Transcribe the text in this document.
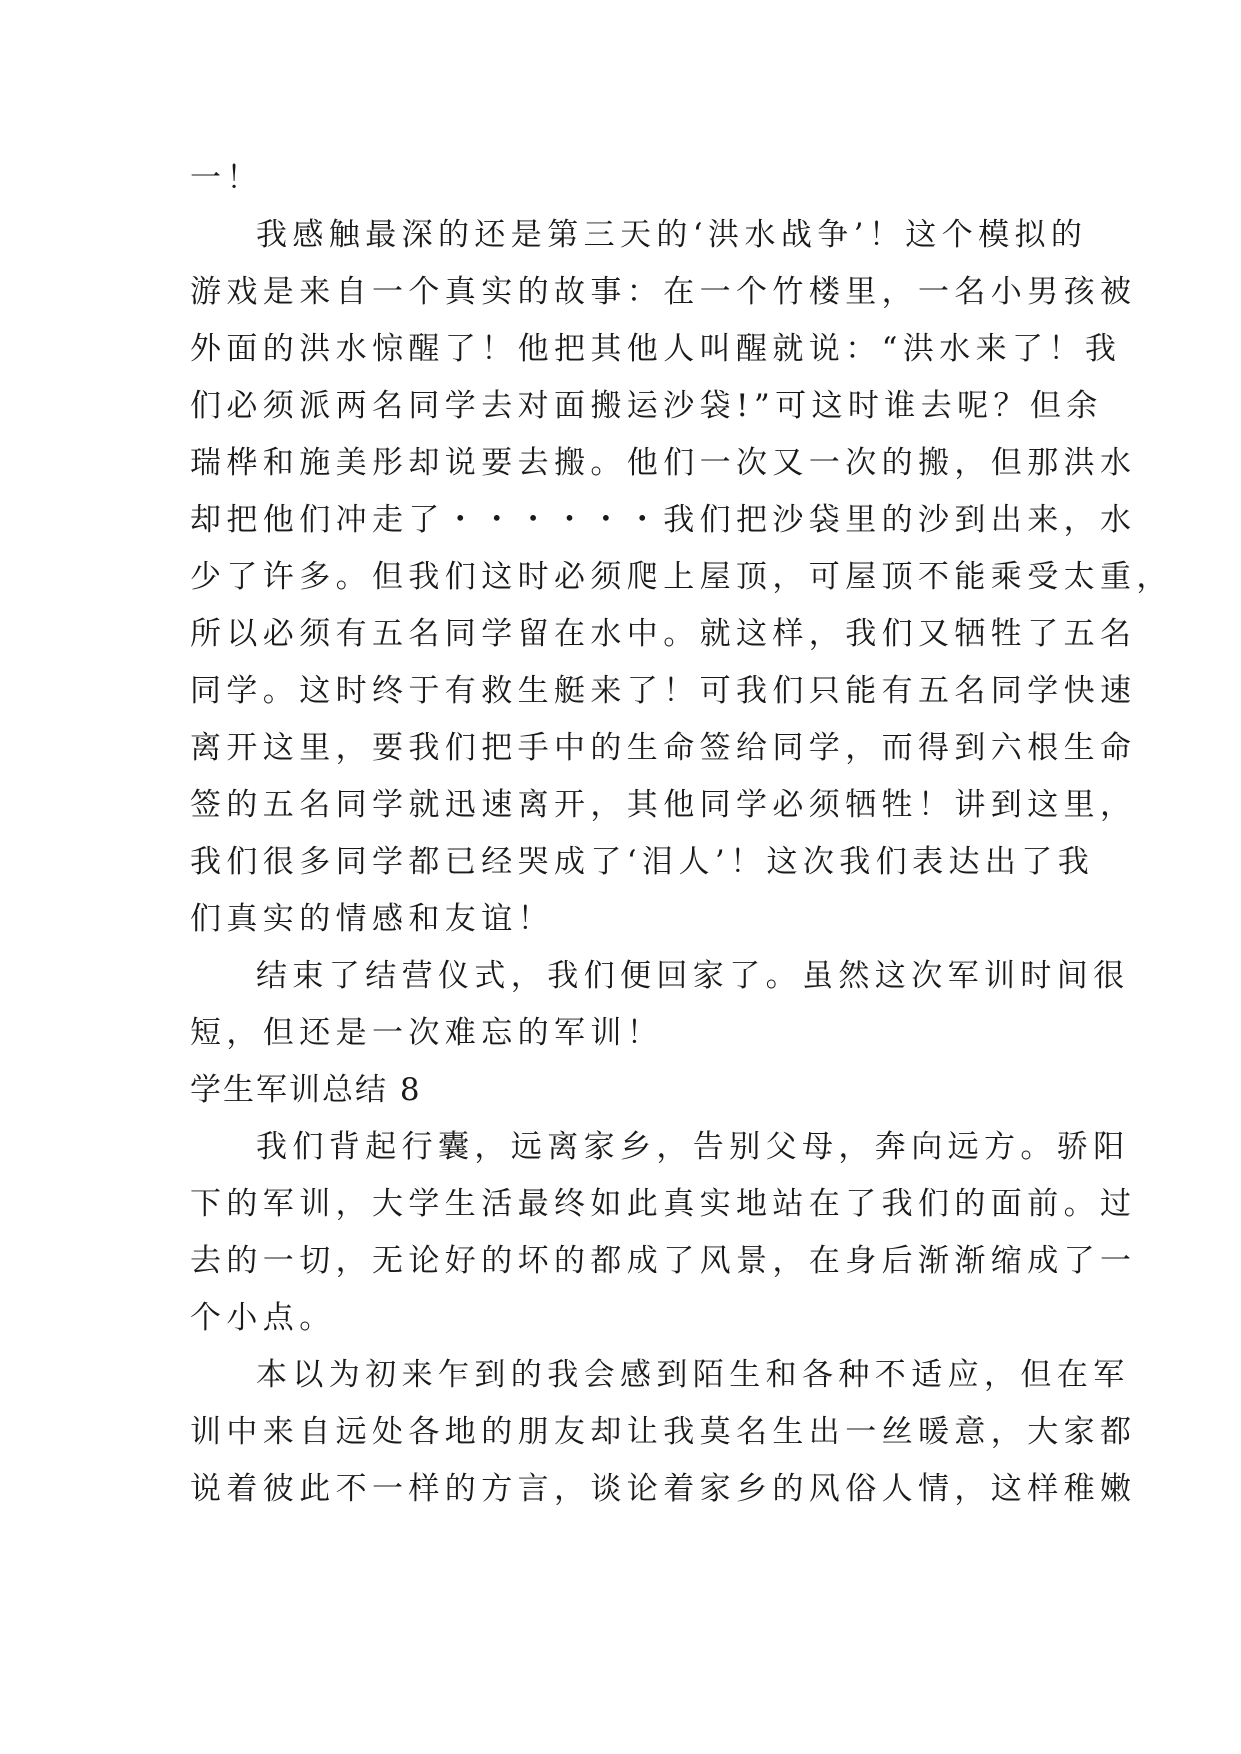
一！
我感触最深的还是第三天的‘洪水战争’！这个模拟的
游戏是来自一个真实的故事：在一个竹楼里，一名小男孩被
外面的洪水惊醒了！他把其他人叫醒就说：“洪水来了！我
们必须派两名同学去对面搬运沙袋!”可这时谁去呢？但余
瑞桦和施美彤却说要去搬。他们一次又一次的搬，但那洪水
却把他们冲走了・・・・・・我们把沙袋里的沙到出来，水
少了许多。但我们这时必须爬上屋顶，可屋顶不能乘受太重，
所以必须有五名同学留在水中。就这样，我们又牺牲了五名
同学。这时终于有救生艇来了！可我们只能有五名同学快速
离开这里，要我们把手中的生命签给同学，而得到六根生命
签的五名同学就迅速离开，其他同学必须牺牲！讲到这里，
我们很多同学都已经哭成了‘泪人’！这次我们表达出了我
们真实的情感和友谊！
结束了结营仪式，我们便回家了。虽然这次军训时间很
短，但还是一次难忘的军训！
学生军训总结 8
我们背起行囊，远离家乡，告别父母，奔向远方。骄阳
下的军训，大学生活最终如此真实地站在了我们的面前。过
去的一切，无论好的坏的都成了风景，在身后渐渐缩成了一
个小点。
本以为初来乍到的我会感到陌生和各种不适应，但在军
训中来自远处各地的朋友却让我莫名生出一丝暖意，大家都
说着彼此不一样的方言，谈论着家乡的风俗人情，这样稚嫩
